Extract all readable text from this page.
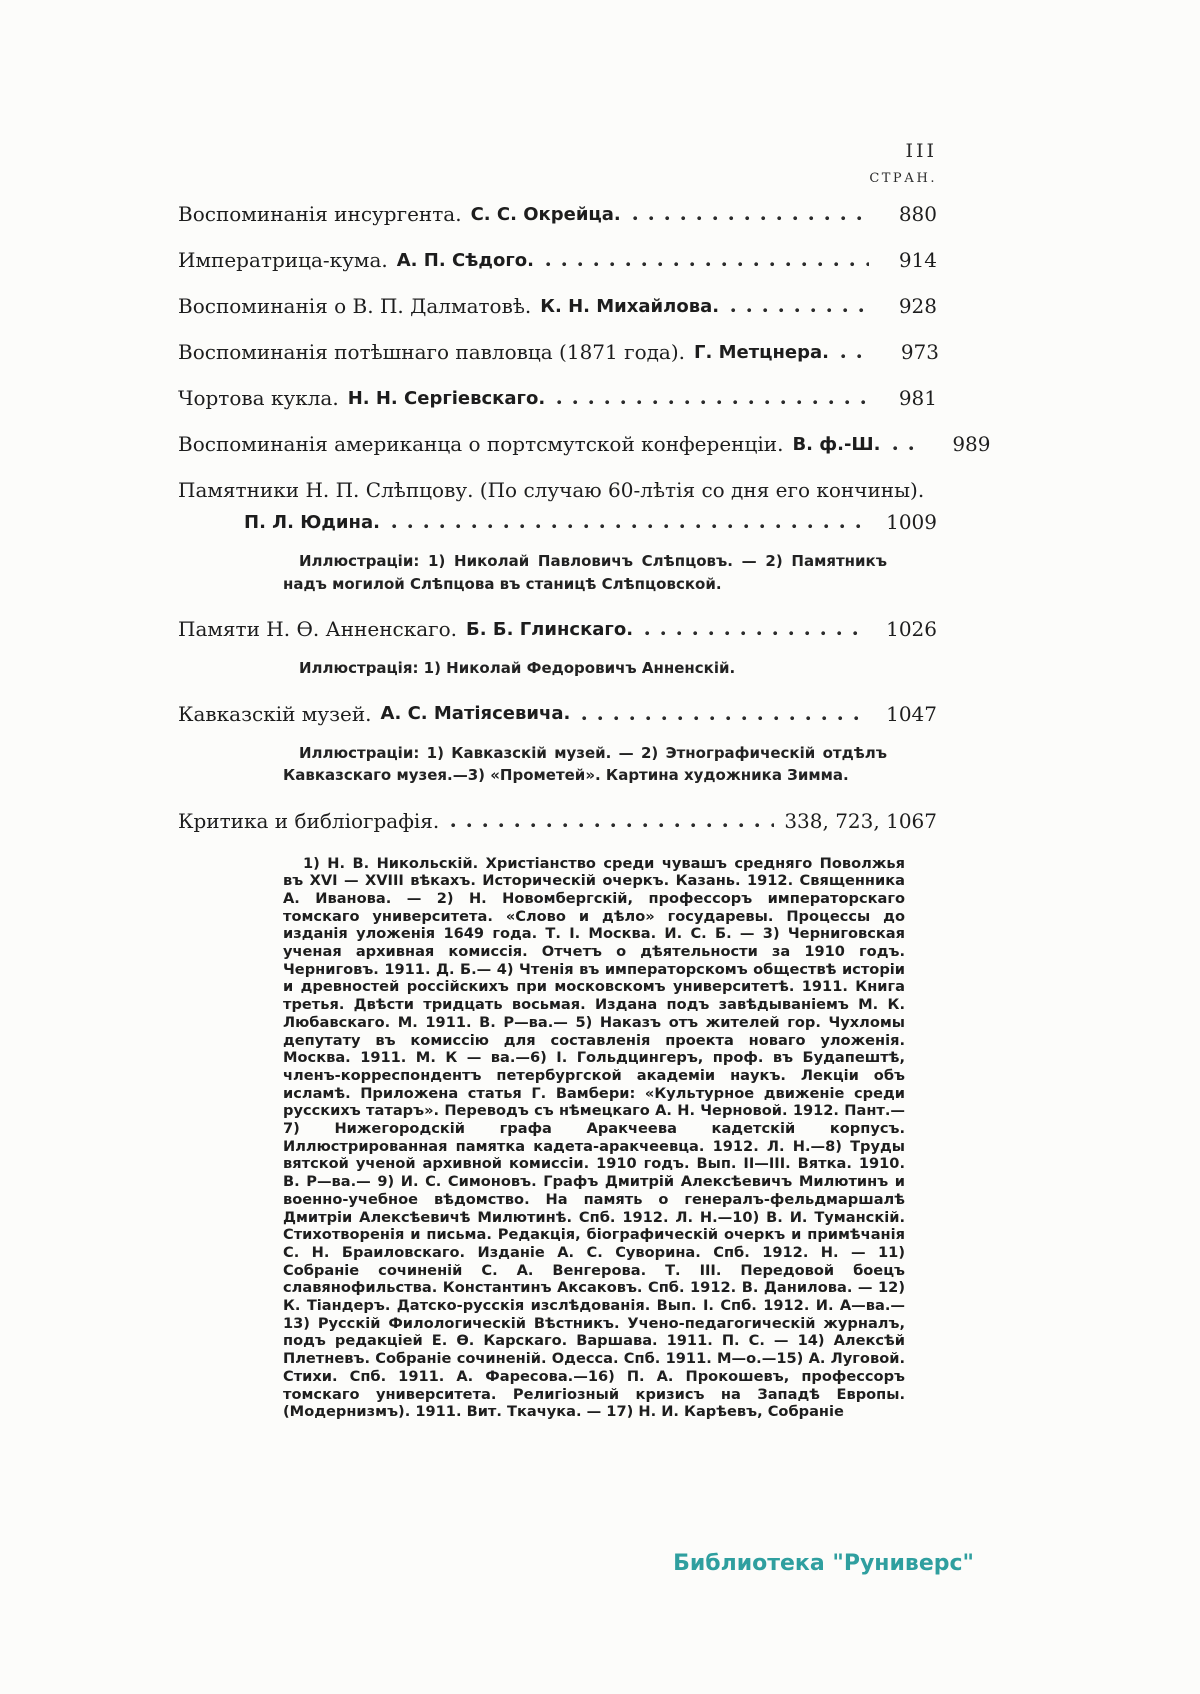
III
СТРАН.
Воспоминанія инсургента. С. С. Окрейца.	880
Императрица-кума. А. П. Сѣдого.	914
Воспоминанія о В. П. Далматовѣ. К. Н. Михайлова.	928
Воспоминанія потѣшнаго павловца (1871 года). Г. Метцнера.	973
Чортова кукла. Н. Н. Сергіевскаго.	981
Воспоминанія американца о портсмутской конференціи. В. ф.-Ш.	989
Памятники Н. П. Слѣпцову. (По случаю 60-лѣтія со дня его кончины).
П. Л. Юдина.	1009
Иллюстраціи: 1) Николай Павловичъ Слѣпцовъ. — 2) Памятникъ надъ могилой Слѣпцова въ станицѣ Слѣпцовской.
Памяти Н. Ѳ. Анненскаго. Б. Б. Глинскаго.	1026
Иллюстрація: 1) Николай Федоровичъ Анненскій.
Кавказскій музей. А. С. Матіясевича.	1047
Иллюстраціи: 1) Кавказскій музей. — 2) Этнографическій отдѣлъ Кавказскаго музея.—3) «Прометей». Картина художника Зимма.
Критика и библіографія.	338, 723, 1067
1) Н. В. Никольскій. Христіанство среди чувашъ средняго Поволжья въ XVI — XVIII вѣкахъ. Историческій очеркъ. Казань. 1912. Священника А. Иванова. — 2) Н. Новомбергскій, профессоръ императорскаго томскаго университета. «Слово и дѣло» государевы. Процессы до изданія уложенія 1649 года. Т. I. Москва. И. С. Б. — 3) Черниговская ученая архивная комиссія. Отчетъ о дѣятельности за 1910 годъ. Черниговъ. 1911. Д. Б.— 4) Чтенія въ императорскомъ обществѣ исторіи и древностей россійскихъ при московскомъ университетѣ. 1911. Книга третья. Двѣсти тридцать восьмая. Издана подъ завѣдываніемъ М. К. Любавскаго. М. 1911. В. Р—ва.— 5) Наказъ отъ жителей гор. Чухломы депутату въ комиссію для составленія проекта новаго уложенія. Москва. 1911. М. К — ва.—6) І. Гольдцингеръ, проф. въ Будапештѣ, членъ-корреспондентъ петербургской академіи наукъ. Лекціи объ исламѣ. Приложена статья Г. Вамбери: «Культурное движеніе среди русскихъ татаръ». Переводъ съ нѣмецкаго А. Н. Черновой. 1912. Пант.—7) Нижегородскій графа Аракчеева кадетскій корпусъ. Иллюстрированная памятка кадета-аракчеевца. 1912. Л. Н.—8) Труды вятской ученой архивной комиссіи. 1910 годъ. Вып. II—III. Вятка. 1910. В. Р—ва.— 9) И. С. Симоновъ. Графъ Дмитрій Алексѣевичъ Милютинъ и военно-учебное вѣдомство. На память о генералъ-фельдмаршалѣ Дмитріи Алексѣевичѣ Милютинѣ. Спб. 1912. Л. Н.—10) В. И. Туманскій. Стихотворенія и письма. Редакція, біографическій очеркъ и примѣчанія С. Н. Браиловскаго. Изданіе А. С. Суворина. Спб. 1912. Н. — 11) Собраніе сочиненій С. А. Венгерова. Т. III. Передовой боецъ славянофильства. Константинъ Аксаковъ. Спб. 1912. В. Данилова. — 12) К. Тіандеръ. Датско-русскія изслѣдованія. Вып. I. Спб. 1912. И. А—ва.—13) Русскій Филологическій Вѣстникъ. Учено-педагогическій журналъ, подъ редакціей Е. Ѳ. Карскаго. Варшава. 1911. П. С. — 14) Алексѣй Плетневъ. Собраніе сочиненій. Одесса. Спб. 1911. М—о.—15) А. Луговой. Стихи. Спб. 1911. А. Фаресова.—16) П. А. Прокошевъ, профессоръ томскаго университета. Религіозный кризисъ на Западѣ Европы. (Модернизмъ). 1911. Вит. Ткачука. — 17) Н. И. Карѣевъ, Собраніе
Библиотека "Руниверс"
